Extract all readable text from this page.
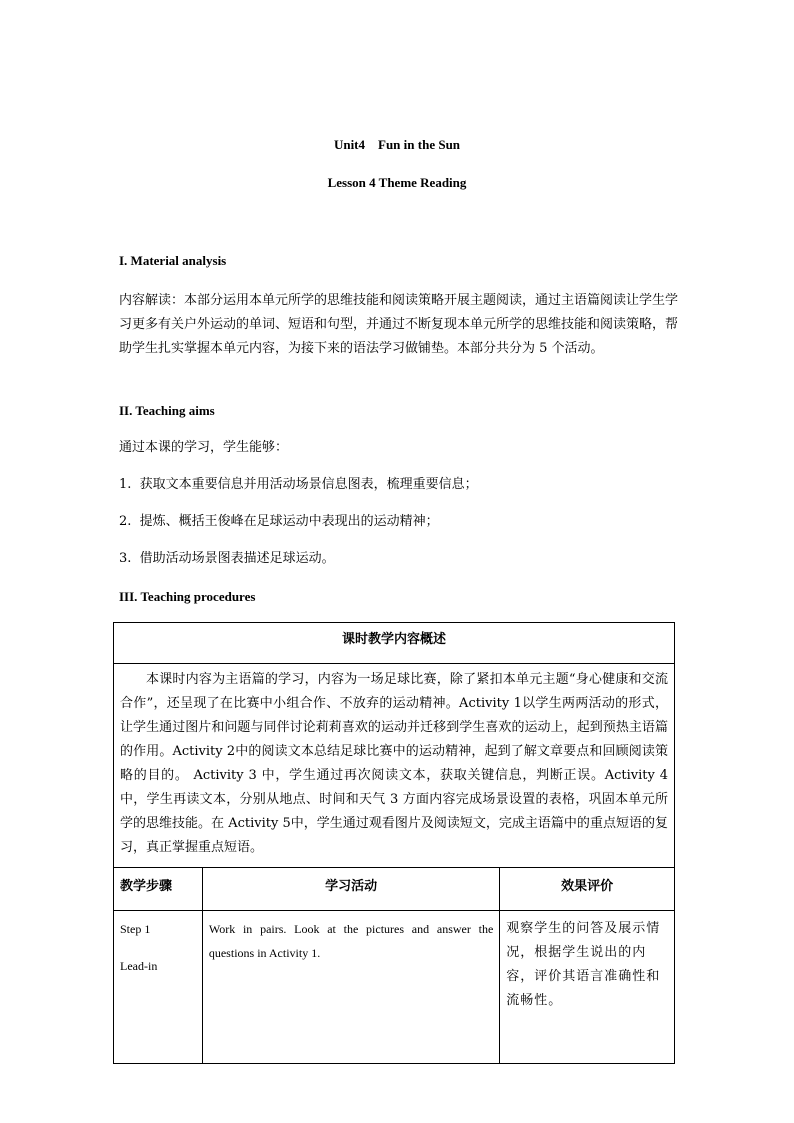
Unit4    Fun in the Sun
Lesson 4 Theme Reading
I. Material analysis
内容解读：本部分运用本单元所学的思维技能和阅读策略开展主题阅读，通过主语篇阅读让学生学习更多有关户外运动的单词、短语和句型，并通过不断复现本单元所学的思维技能和阅读策略，帮助学生扎实掌握本单元内容，为接下来的语法学习做铺垫。本部分共分为 5 个活动。
II. Teaching aims
通过本课的学习，学生能够：
1.  获取文本重要信息并用活动场景信息图表，梳理重要信息；
2.  提炼、概括王俊峰在足球运动中表现出的运动精神；
3.  借助活动场景图表描述足球运动。
III. Teaching procedures
课时教学内容概述		
本课时内容为主语篇的学习，内容为一场足球比赛，除了紧扣本单元主题“身心健康和交流合作”，还呈现了在比赛中小组合作、不放弃的运动精神。Activity 1以学生两两活动的形式，让学生通过图片和问题与同伴讨论莉莉喜欢的运动并迁移到学生喜欢的运动上，起到预热主语篇的作用。Activity 2中的阅读文本总结足球比赛中的运动精神，起到了解文章要点和回顾阅读策略的目的。 Activity 3 中，学生通过再次阅读文本，获取关键信息，判断正误。Activity 4中，学生再读文本，分别从地点、时间和天气 3 方面内容完成场景设置的表格，巩固本单元所学的思维技能。在 Activity 5中，学生通过观看图片及阅读短文，完成主语篇中的重点短语的复习，真正掌握重点短语。		
教学步骤	学习活动	效果评价

Step 1
Lead-in	Work in pairs. Look at the pictures and answer the questions in Activity 1.	观察学生的问答及展示情况，根据学生说出的内容，评价其语言准确性和流畅性。
